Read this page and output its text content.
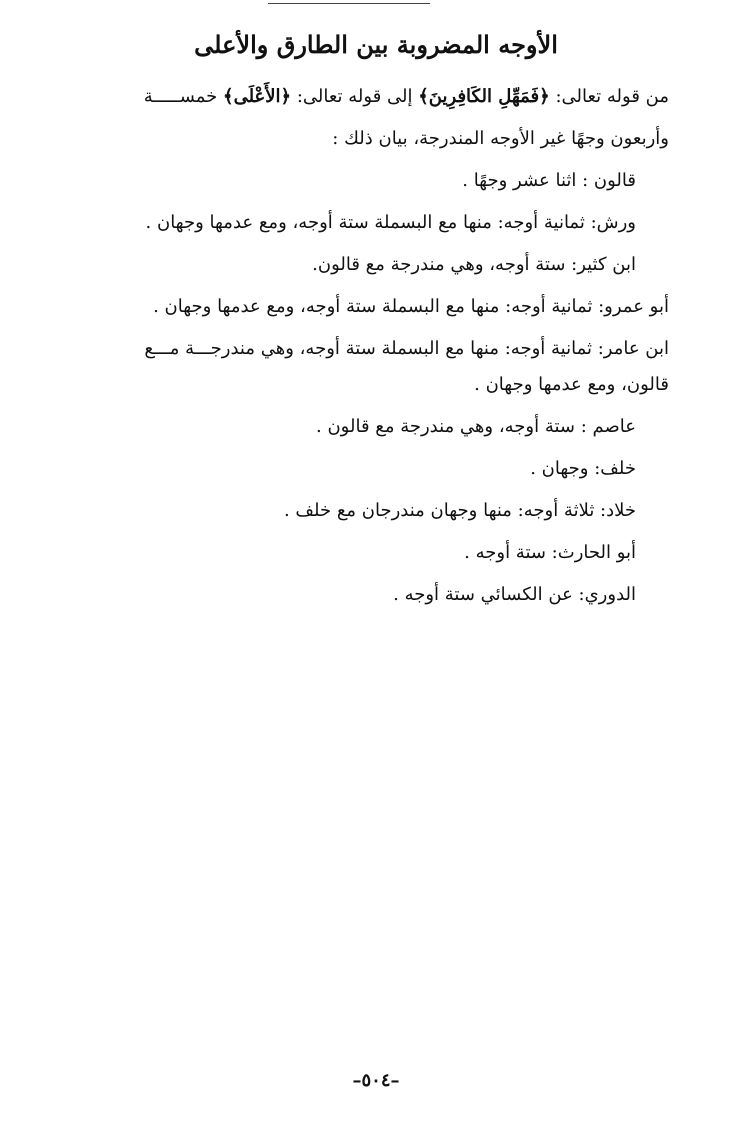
الأوجه المضروبة بين الطارق والأعلى
من قوله تعالى: ﴿فَمَهِّلِ الكَافِرِينَ﴾ إلى قوله تعالى: ﴿الأَعْلَى﴾ خمســـــة
وأربعون وجهًا غير الأوجه المندرجة، بيان ذلك :
قالون : اثنا عشر وجهًا .
ورش: ثمانية أوجه: منها مع البسملة ستة أوجه، ومع عدمها وجهان .
ابن كثير: ستة أوجه، وهي مندرجة مع قالون.
أبو عمرو: ثمانية أوجه: منها مع البسملة ستة أوجه، ومع عدمها وجهان .
ابن عامر: ثمانية أوجه: منها مع البسملة ستة أوجه، وهي مندرجـــة مـــع
قالون، ومع عدمها وجهان .
عاصم : ستة أوجه، وهي مندرجة مع قالون .
خلف: وجهان .
خلاد: ثلاثة أوجه: منها وجهان مندرجان مع خلف .
أبو الحارث: ستة أوجه .
الدوري: عن الكسائي ستة أوجه .
–٥٠٤–
